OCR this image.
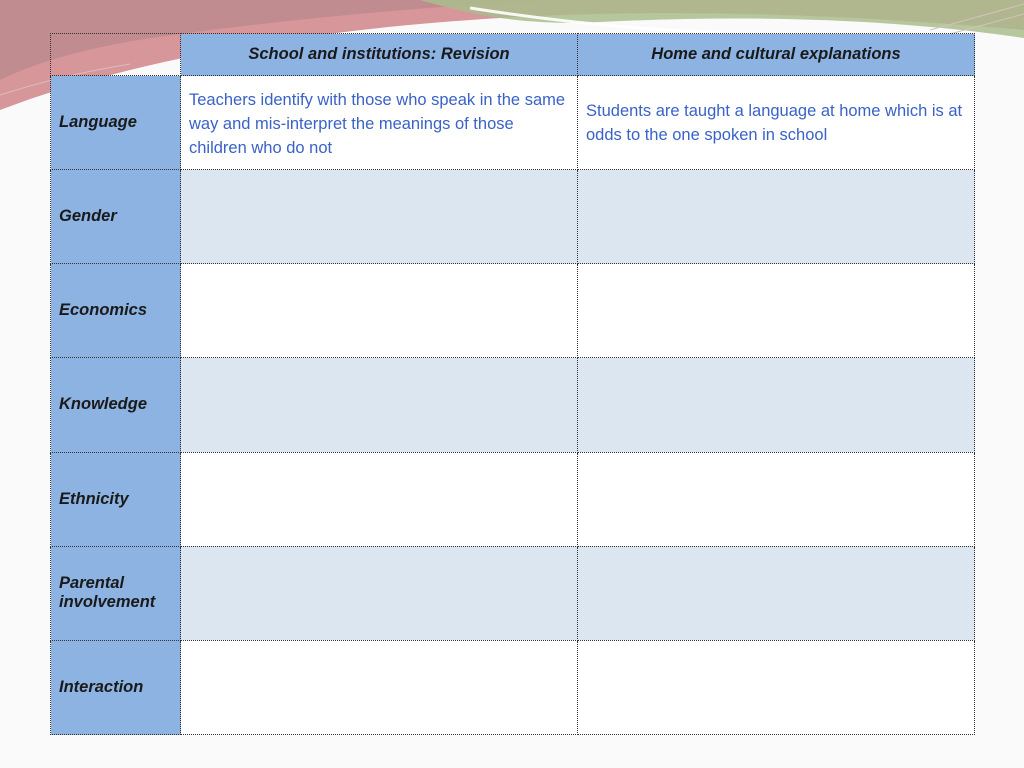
	School and institutions: Revision	Home and cultural explanations
Language	Teachers identify with those who speak in the same way and mis-interpret the meanings of those children who do not	Students are taught a language at home which is at odds to the one spoken in school
Gender		
Economics		
Knowledge		
Ethnicity		
Parental involvement		
Interaction		
